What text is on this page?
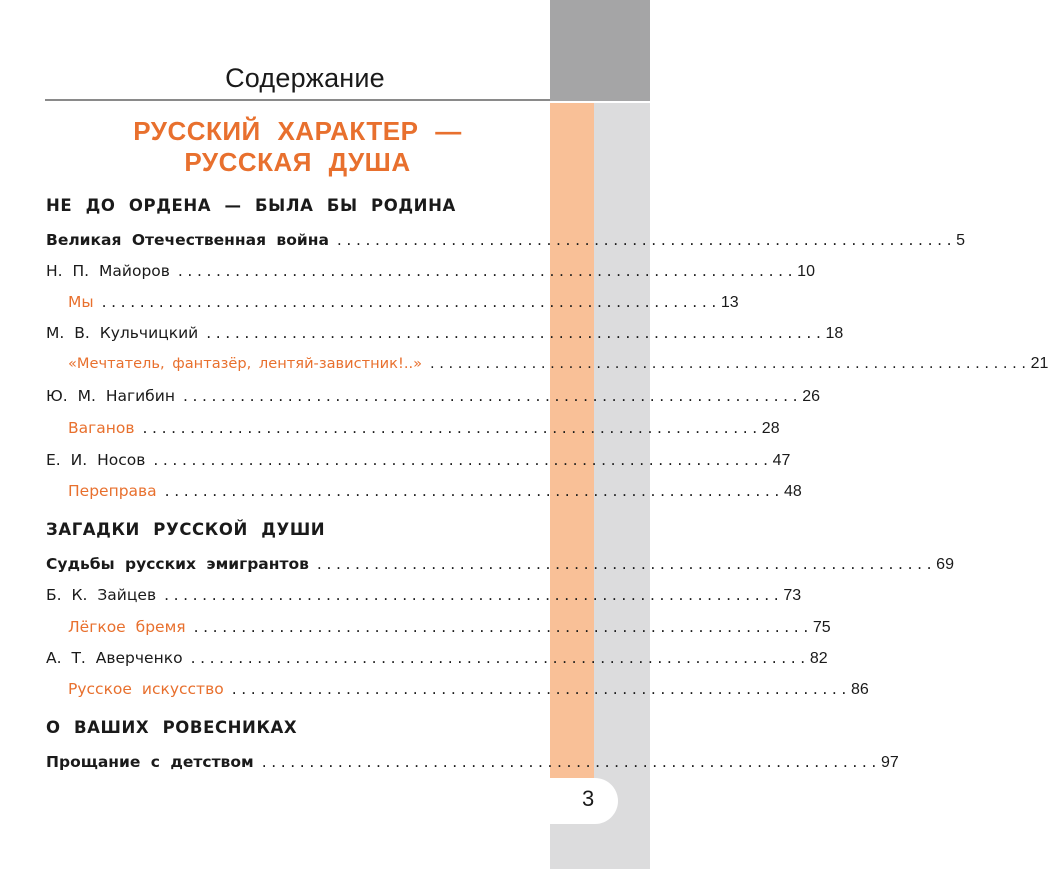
3
Содержание
РУССКИЙ ХАРАКТЕР —
РУССКАЯ ДУША
НЕ ДО ОРДЕНА — БЫЛА БЫ РОДИНА
Великая Отечественная война ................................................................. 5
Н. П. Майоров ................................................................. 10
Мы ................................................................. 13
М. В. Кульчицкий ................................................................. 18
«Мечтатель, фантазёр, лентяй-завистник!..» ................................................................. 21
Ю. М. Нагибин ................................................................. 26
Ваганов ................................................................. 28
Е. И. Носов ................................................................. 47
Переправа ................................................................. 48
ЗАГАДКИ РУССКОЙ ДУШИ
Судьбы русских эмигрантов ................................................................. 69
Б. К. Зайцев ................................................................. 73
Лёгкое бремя ................................................................. 75
А. Т. Аверченко ................................................................. 82
Русское искусство ................................................................. 86
О ВАШИХ РОВЕСНИКАХ
Прощание с детством ................................................................. 97
